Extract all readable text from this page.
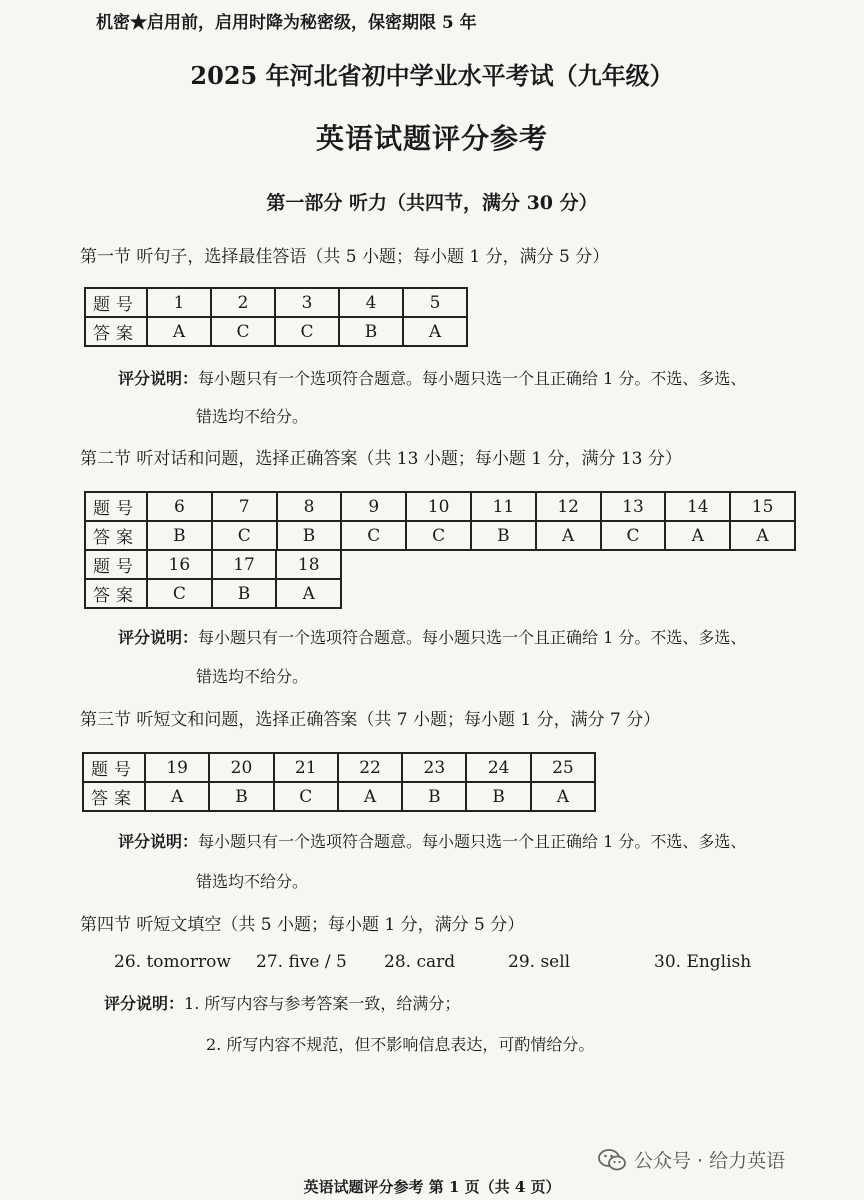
机密★启用前，启用时降为秘密级，保密期限 5 年
2025 年河北省初中学业水平考试（九年级）
英语试题评分参考
第一部分 听力（共四节，满分 30 分）
第一节 听句子，选择最佳答语（共 5 小题；每小题 1 分，满分 5 分）
题号	1	2	3	4	5
答案	A	C	C	B	A
评分说明：每小题只有一个选项符合题意。每小题只选一个且正确给 1 分。不选、多选、
错选均不给分。
第二节 听对话和问题，选择正确答案（共 13 小题；每小题 1 分，满分 13 分）
题号	6	7	8	9	10	11	12	13	14	15
答案	B	C	B	C	C	B	A	C	A	A
题号	16	17	18
答案	C	B	A
评分说明：每小题只有一个选项符合题意。每小题只选一个且正确给 1 分。不选、多选、
错选均不给分。
第三节 听短文和问题，选择正确答案（共 7 小题；每小题 1 分，满分 7 分）
题号	19	20	21	22	23	24	25
答案	A	B	C	A	B	B	A
评分说明：每小题只有一个选项符合题意。每小题只选一个且正确给 1 分。不选、多选、
错选均不给分。
第四节 听短文填空（共 5 小题；每小题 1 分，满分 5 分）
26. tomorrow 27. five / 5 28. card	29. sell	30. English
评分说明：1. 所写内容与参考答案一致，给满分；
2. 所写内容不规范，但不影响信息表达，可酌情给分。
公众号 · 给力英语
英语试题评分参考 第 1 页（共 4 页）
